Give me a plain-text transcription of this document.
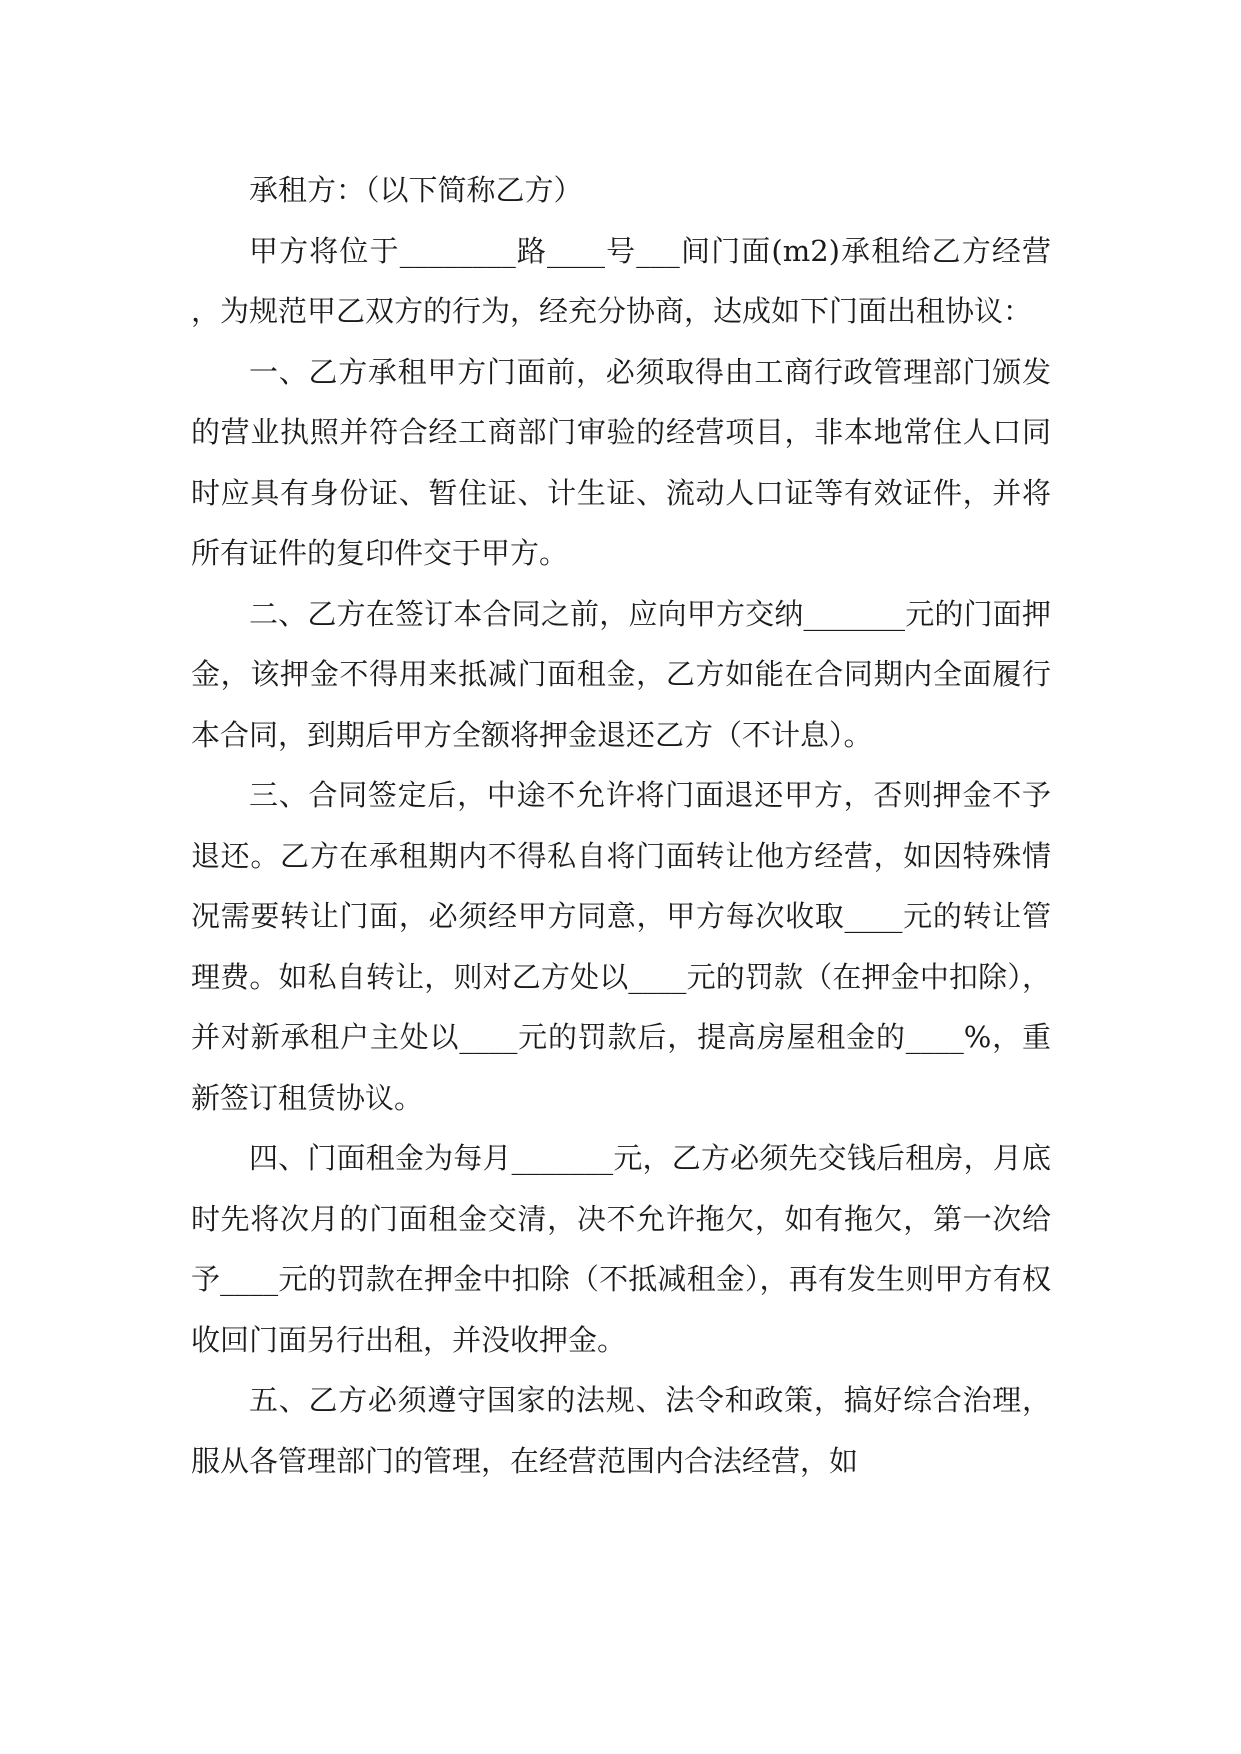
承租方：（以下简称乙方）

甲方将位于________路____号___间门面(m2)承租给乙方经营，为规范甲乙双方的行为，经充分协商，达成如下门面出租协议：

一、乙方承租甲方门面前，必须取得由工商行政管理部门颁发的营业执照并符合经工商部门审验的经营项目，非本地常住人口同时应具有身份证、暂住证、计生证、流动人口证等有效证件，并将所有证件的复印件交于甲方。

二、乙方在签订本合同之前，应向甲方交纳_______元的门面押金，该押金不得用来抵减门面租金，乙方如能在合同期内全面履行本合同，到期后甲方全额将押金退还乙方（不计息）。

三、合同签定后，中途不允许将门面退还甲方，否则押金不予退还。乙方在承租期内不得私自将门面转让他方经营，如因特殊情况需要转让门面，必须经甲方同意，甲方每次收取____元的转让管理费。如私自转让，则对乙方处以____元的罚款（在押金中扣除），并对新承租户主处以____元的罚款后，提高房屋租金的____%，重新签订租赁协议。

四、门面租金为每月_______元，乙方必须先交钱后租房，月底时先将次月的门面租金交清，决不允许拖欠，如有拖欠，第一次给予____元的罚款在押金中扣除（不抵减租金），再有发生则甲方有权收回门面另行出租，并没收押金。

五、乙方必须遵守国家的法规、法令和政策，搞好综合治理，服从各管理部门的管理，在经营范围内合法经营，如
